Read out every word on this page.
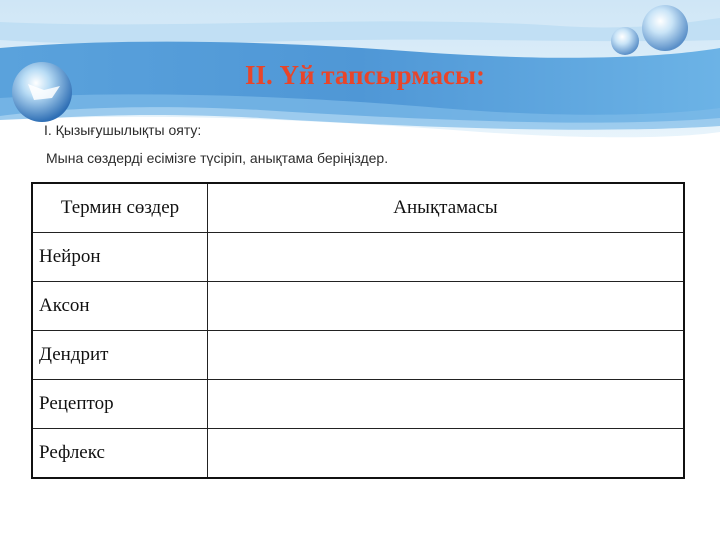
II. Үй тапсырмасы:
I. Қызығушылықты ояту:
Мына сөздерді есімізге түсіріп, анықтама беріңіздер.
Термин сөздер	Анықтамасы
Нейрон	
Аксон	
Дендрит	
Рецептор	
Рефлекс	
